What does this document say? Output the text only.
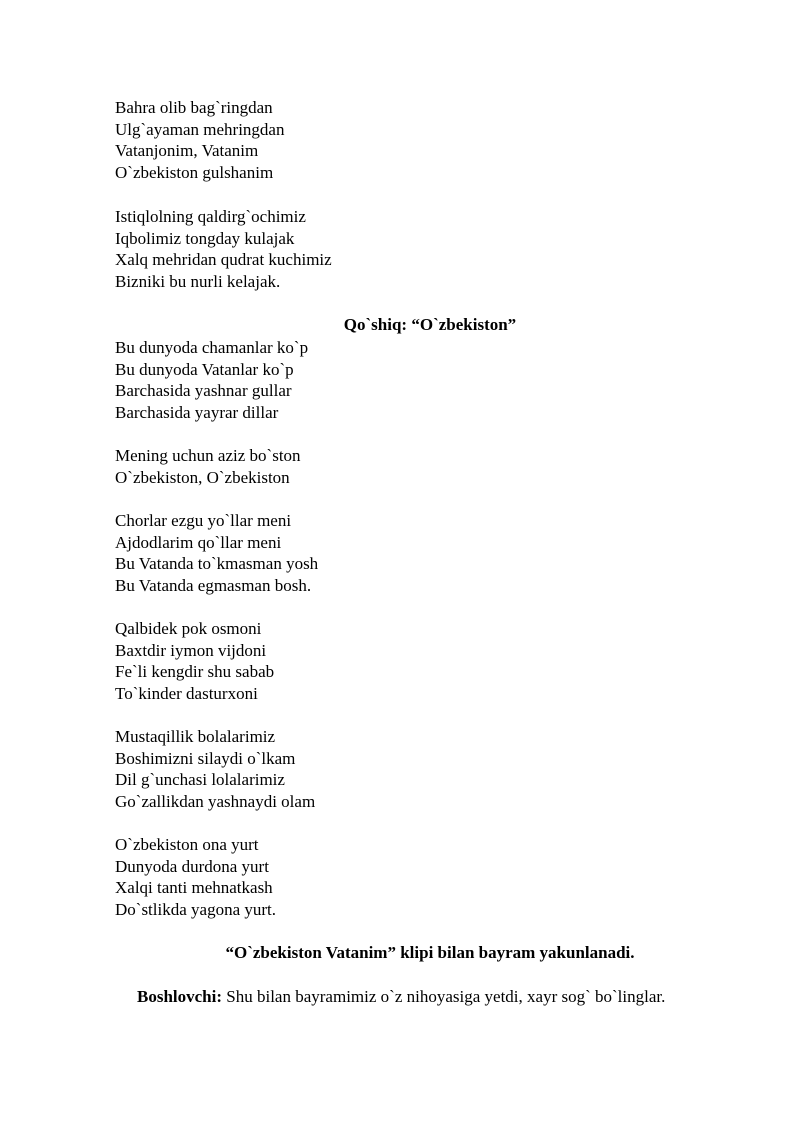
Bahra olib bag`ringdan
Ulg`ayaman mehringdan
Vatanjonim, Vatanim
O`zbekiston gulshanim
Istiqlolning qaldirg`ochimiz
Iqbolimiz tongday kulajak
Xalq mehridan qudrat kuchimiz
Bizniki bu nurli kelajak.
Qo`shiq: “O`zbekiston”
Bu dunyoda chamanlar ko`p
Bu dunyoda Vatanlar ko`p
Barchasida yashnar gullar
Barchasida yayrar dillar
Mening uchun aziz bo`ston
O`zbekiston, O`zbekiston
Chorlar ezgu yo`llar meni
Ajdodlarim qo`llar meni
Bu Vatanda to`kmasman yosh
Bu Vatanda egmasman bosh.
Qalbidek pok osmoni
Baxtdir iymon vijdoni
Fe`li kengdir shu sabab
To`kinder dasturxoni
Mustaqillik bolalarimiz
Boshimizni silaydi o`lkam
Dil g`unchasi lolalarimiz
Go`zallikdan yashnaydi olam
O`zbekiston ona yurt
Dunyoda durdona yurt
Xalqi tanti mehnatkash
Do`stlikda yagona yurt.
“O`zbekiston Vatanim” klipi bilan bayram yakunlanadi.
Boshlovchi: Shu bilan bayramimiz o`z nihoyasiga yetdi, xayr sog` bo`linglar.
